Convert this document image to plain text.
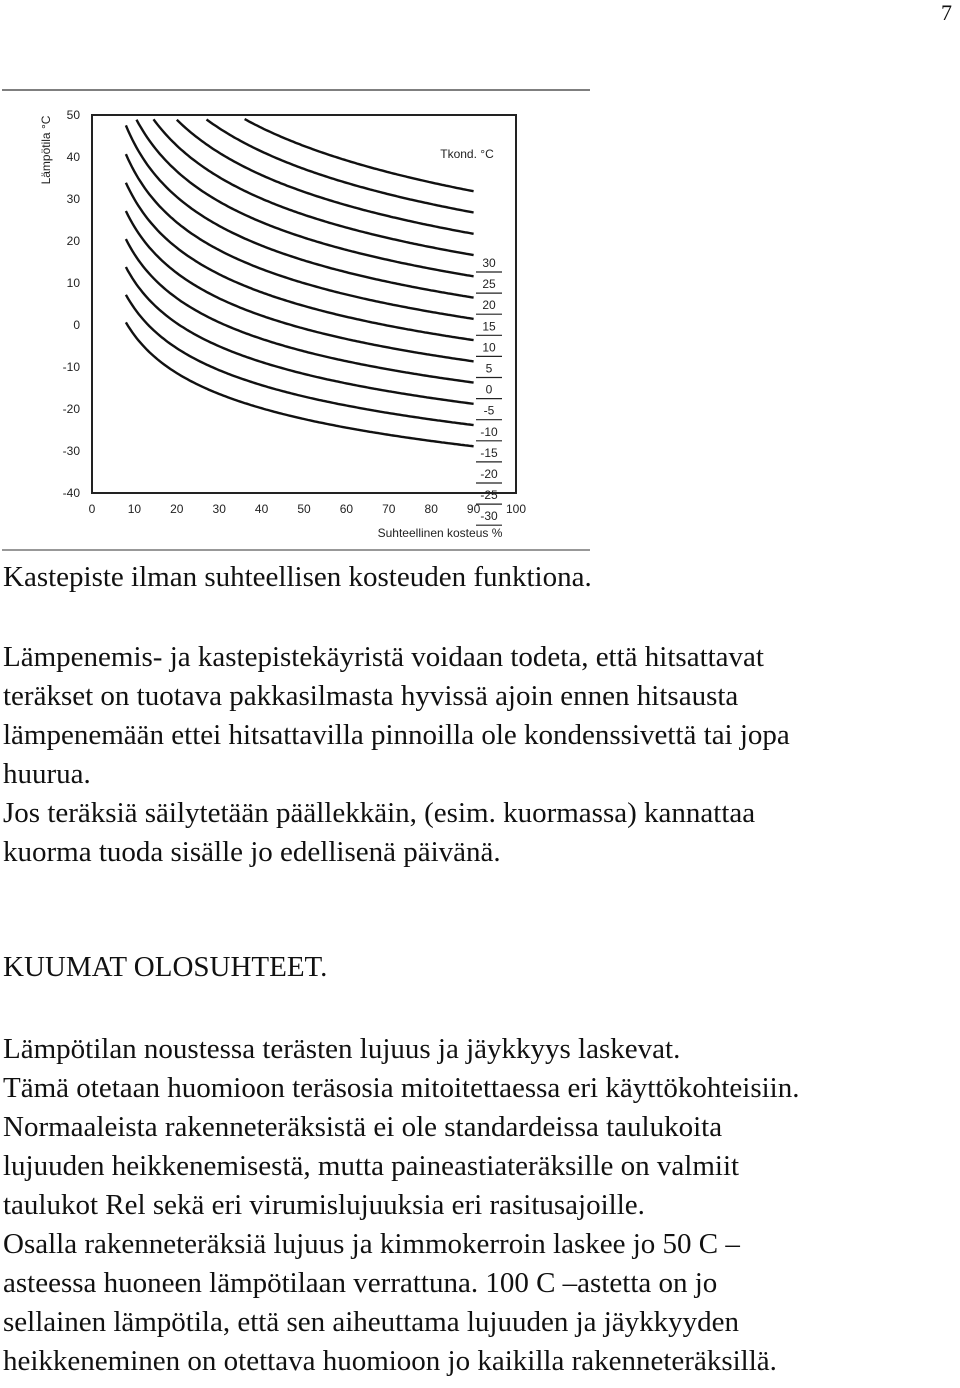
7
Lämpötila °C
Suhteellinen kosteus %
Tkond. °C
50
40
30
20
10
0
-10
-20
-30
-40
0	10 20 30 40 50 60 70 80 90 100
30
25
20
15
10
5
0
-5
-10
-15
-20
-25
-30
Kastepiste ilman suhteellisen kosteuden funktiona.
Lämpenemis- ja kastepistekäyristä voidaan todeta, että hitsattavat
teräkset on tuotava pakkasilmasta hyvissä ajoin ennen hitsausta
lämpenemään ettei hitsattavilla pinnoilla ole kondenssivettä tai jopa
huurua.
Jos teräksiä säilytetään päällekkäin, (esim. kuormassa) kannattaa
kuorma tuoda sisälle jo edellisenä päivänä.
KUUMAT OLOSUHTEET.
Lämpötilan noustessa terästen lujuus ja jäykkyys laskevat.
Tämä otetaan huomioon teräsosia mitoitettaessa eri käyttökohteisiin.
Normaaleista rakenneteräksistä ei ole standardeissa taulukoita
lujuuden heikkenemisestä, mutta paineastiateräksille on valmiit
taulukot Rel sekä eri virumislujuuksia eri rasitusajoille.
Osalla rakenneteräksiä lujuus ja kimmokerroin laskee jo 50 C –
asteessa huoneen lämpötilaan verrattuna. 100 C –astetta on jo
sellainen lämpötila, että sen aiheuttama lujuuden ja jäykkyyden
heikkeneminen on otettava huomioon jo kaikilla rakenneteräksillä.
